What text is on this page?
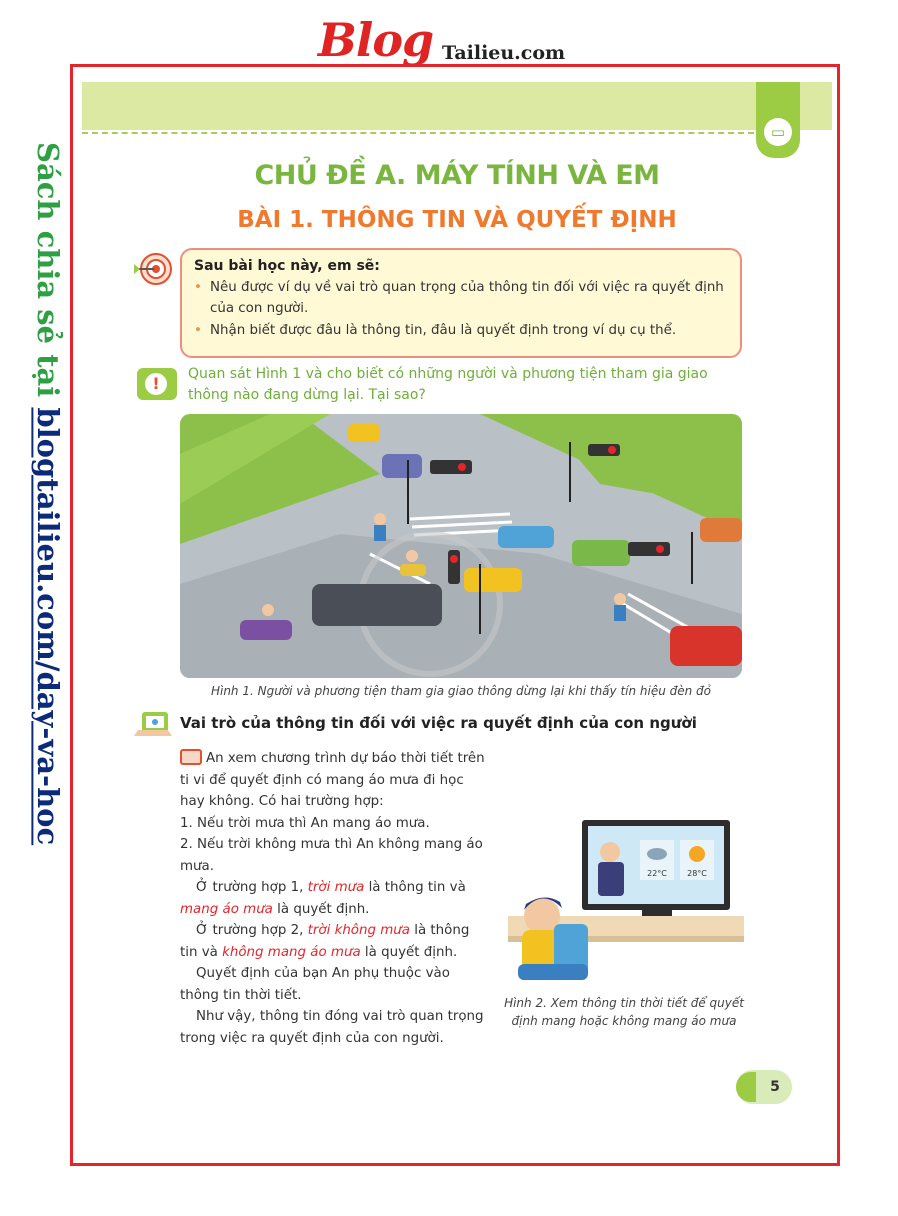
Blog Tailieu.com
Sách chia sẻ tại blogtailieu.com/day-va-hoc
▭
CHỦ ĐỀ A. MÁY TÍNH VÀ EM
BÀI 1. THÔNG TIN VÀ QUYẾT ĐỊNH
Sau bài học này, em sẽ:
• Nêu được ví dụ về vai trò quan trọng của thông tin đối với việc ra quyết định của con người.
• Nhận biết được đâu là thông tin, đâu là quyết định trong ví dụ cụ thể.
!	Quan sát Hình 1 và cho biết có những người và phương tiện tham gia giao thông nào đang dừng lại. Tại sao?
Hình 1. Người và phương tiện tham gia giao thông dừng lại khi thấy tín hiệu đèn đỏ
Vai trò của thông tin đối với việc ra quyết định của con người

An xem chương trình dự báo thời tiết trên ti vi để quyết định có mang áo mưa đi học hay không. Có hai trường hợp:

1. Nếu trời mưa thì An mang áo mưa.

2. Nếu trời không mưa thì An không mang áo mưa.

Ở trường hợp 1, trời mưa là thông tin và mang áo mưa là quyết định.

Ở trường hợp 2, trời không mưa là thông tin và không mang áo mưa là quyết định.

Quyết định của bạn An phụ thuộc vào thông tin thời tiết.

Như vậy, thông tin đóng vai trò quan trọng trong việc ra quyết định của con người.

22°C	28°C
Hình 2. Xem thông tin thời tiết để quyết định mang hoặc không mang áo mưa
5
